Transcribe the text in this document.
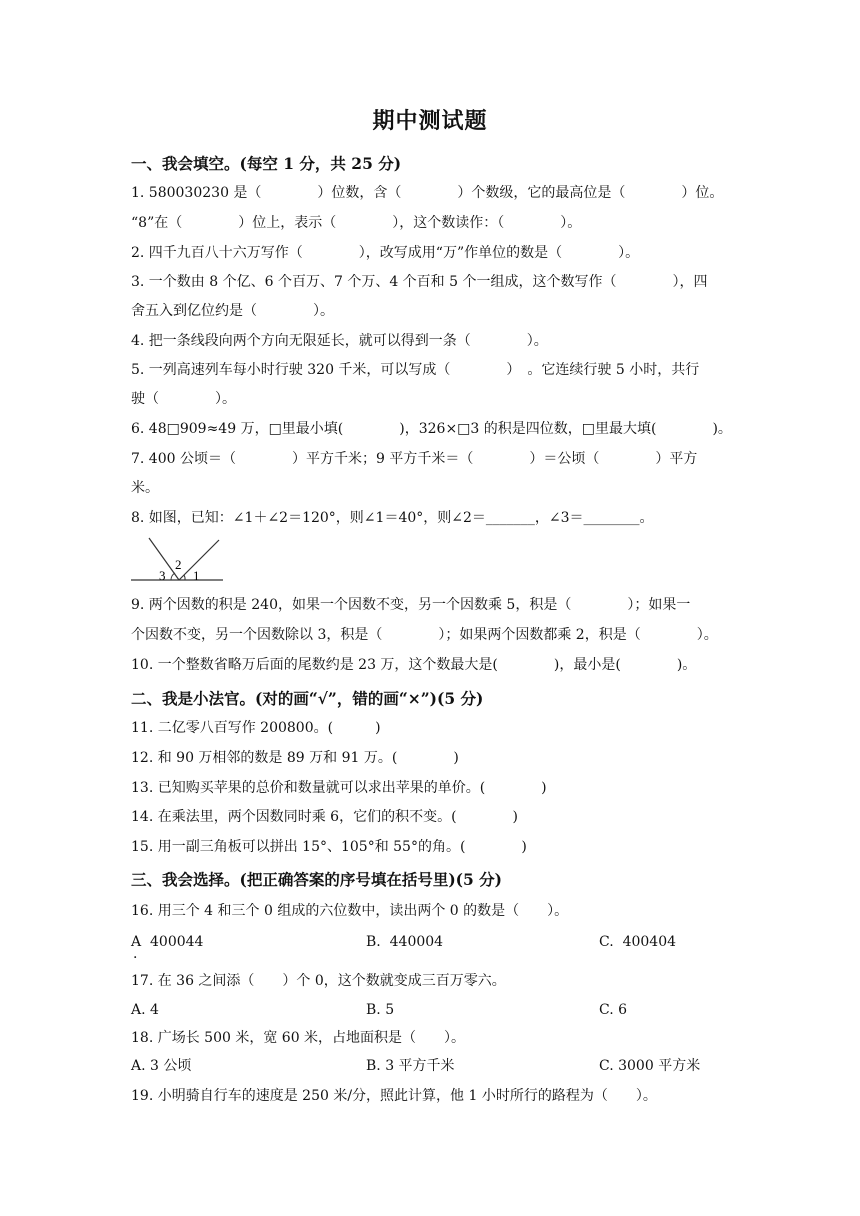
期中测试题
一、我会填空。(每空 1 分，共 25 分)
1. 580030230 是（　　　　）位数，含（　　　　）个数级，它的最高位是（　　　　）位。
“8”在（　　　　）位上，表示（　　　　），这个数读作：（　　　　）。
2. 四千九百八十六万写作（　　　　），改写成用“万”作单位的数是（　　　　）。
3. 一个数由 8 个亿、6 个百万、7 个万、4 个百和 5 个一组成，这个数写作（　　　　），四
舍五入到亿位约是（　　　　）。
4. 把一条线段向两个方向无限延长，就可以得到一条（　　　　）。
5. 一列高速列车每小时行驶 320 千米，可以写成（　　　　）　。它连续行驶 5 小时，共行
驶（　　　　）。
6. 48□909≈49 万，□里最小填(　　　　)，326×□3 的积是四位数，□里最大填(　　　　)。
7. 400 公顷＝（　　　　）平方千米；9 平方千米＝（　　　　）＝公顷（　　　　）平方
米。
8. 如图，已知：∠1＋∠2＝120°，则∠1＝40°，则∠2＝_______，∠3＝________。
3
2
1
9. 两个因数的积是 240，如果一个因数不变，另一个因数乘 5，积是（　　　　）；如果一
个因数不变，另一个因数除以 3，积是（　　　　）；如果两个因数都乘 2，积是（　　　　）。
10. 一个整数省略万后面的尾数约是 23 万，这个数最大是(　　　　)，最小是(　　　　)。
二、我是小法官。(对的画“√”，错的画“×”)(5 分)
11. 二亿零八百写作 200800。(　　　)
12. 和 90 万相邻的数是 89 万和 91 万。(　　　　)
13. 已知购买苹果的总价和数量就可以求出苹果的单价。(　　　　)
14. 在乘法里，两个因数同时乘 6，它们的积不变。(　　　　)
15. 用一副三角板可以拼出 15°、105°和 55°的角。(　　　　)
三、我会选择。(把正确答案的序号填在括号里)(5 分)
16. 用三个 4 和三个 0 组成的六位数中，读出两个 0 的数是（　　）。
A  400044	B.  440004	C.  400404
·
17. 在 36 之间添（　　）个 0，这个数就变成三百万零六。
A. 4	B. 5	C. 6
18. 广场长 500 米，宽 60 米，占地面积是（　　）。
A. 3 公顷	B. 3 平方千米	C. 3000 平方米
19. 小明骑自行车的速度是 250 米/分，照此计算，他 1 小时所行的路程为（　　）。
